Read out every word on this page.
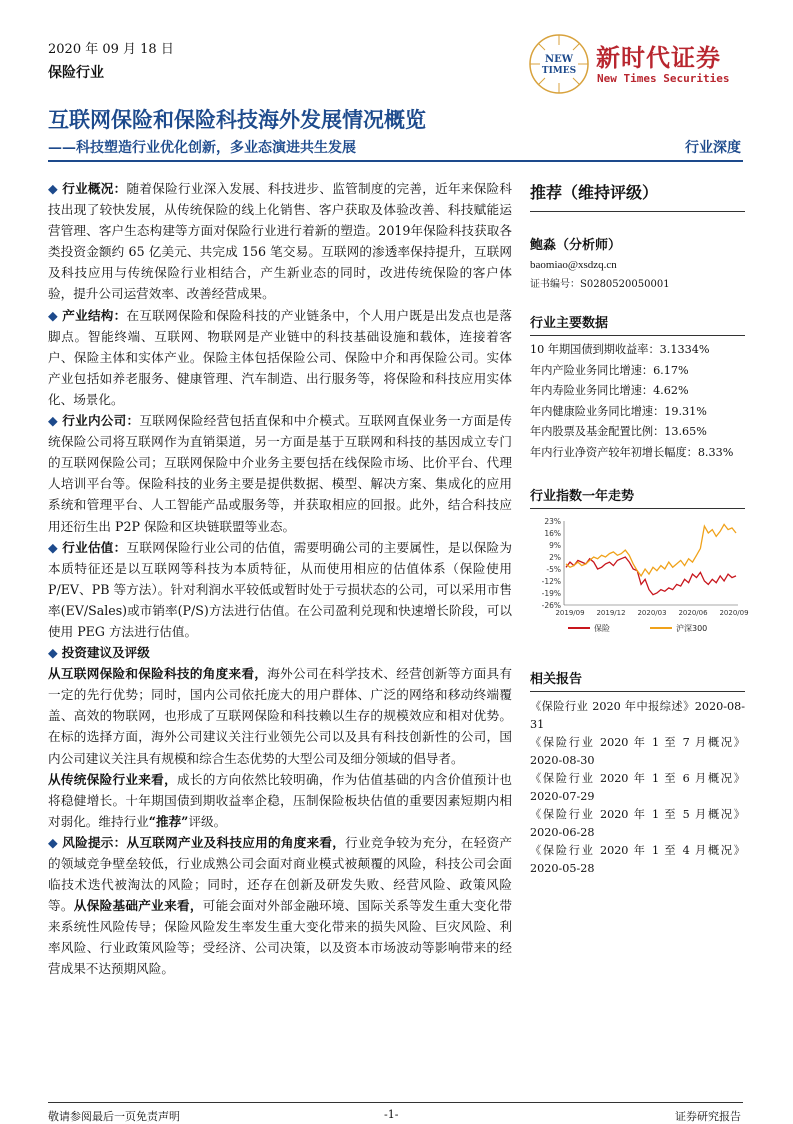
2020 年 09 月 18 日
保险行业
NEW
TIMES 新时代证券
New Times Securities
互联网保险和保险科技海外发展情况概览
——科技塑造行业优化创新，多业态演进共生发展	行业深度

◆ 行业概况：随着保险行业深入发展、科技进步、监管制度的完善，近年来保险科技出现了较快发展，从传统保险的线上化销售、客户获取及体验改善、科技赋能运营管理、客户生态构建等方面对保险行业进行着新的塑造。2019年保险科技获取各类投资金额约 65 亿美元、共完成 156 笔交易。互联网的渗透率保持提升，互联网及科技应用与传统保险行业相结合，产生新业态的同时，改进传统保险的客户体验，提升公司运营效率、改善经营成果。

◆ 产业结构：在互联网保险和保险科技的产业链条中，个人用户既是出发点也是落脚点。智能终端、互联网、物联网是产业链中的科技基础设施和载体，连接着客户、保险主体和实体产业。保险主体包括保险公司、保险中介和再保险公司。实体产业包括如养老服务、健康管理、汽车制造、出行服务等，将保险和科技应用实体化、场景化。

◆ 行业内公司：互联网保险经营包括直保和中介模式。互联网直保业务一方面是传统保险公司将互联网作为直销渠道，另一方面是基于互联网和科技的基因成立专门的互联网保险公司；互联网保险中介业务主要包括在线保险市场、比价平台、代理人培训平台等。保险科技的业务主要是提供数据、模型、解决方案、集成化的应用系统和管理平台、人工智能产品或服务等，并获取相应的回报。此外，结合科技应用还衍生出 P2P 保险和区块链联盟等业态。

◆ 行业估值：互联网保险行业公司的估值，需要明确公司的主要属性，是以保险为本质特征还是以互联网等科技为本质特征，从而使用相应的估值体系（保险使用 P/EV、PB 等方法）。针对利润水平较低或暂时处于亏损状态的公司，可以采用市售率(EV/Sales)或市销率(P/S)方法进行估值。在公司盈利兑现和快速增长阶段，可以使用 PEG 方法进行估值。

◆ 投资建议及评级

从互联网保险和保险科技的角度来看，海外公司在科学技术、经营创新等方面具有一定的先行优势；同时，国内公司依托庞大的用户群体、广泛的网络和移动终端覆盖、高效的物联网，也形成了互联网保险和科技赖以生存的规模效应和相对优势。在标的选择方面，海外公司建议关注行业领先公司以及具有科技创新性的公司，国内公司建议关注具有规模和综合生态优势的大型公司及细分领域的倡导者。

从传统保险行业来看，成长的方向依然比较明确，作为估值基础的内含价值预计也将稳健增长。十年期国债到期收益率企稳，压制保险板块估值的重要因素短期内相对弱化。维持行业“推荐”评级。

◆ 风险提示：从互联网产业及科技应用的角度来看，行业竞争较为充分，在轻资产的领域竞争壁垒较低，行业成熟公司会面对商业模式被颠覆的风险，科技公司会面临技术迭代被淘汰的风险；同时，还存在创新及研发失败、经营风险、政策风险等。从保险基础产业来看，可能会面对外部金融环境、国际关系等发生重大变化带来系统性风险传导；保险风险发生率发生重大变化带来的损失风险、巨灾风险、利率风险、行业政策风险等；受经济、公司决策，以及资本市场波动等影响带来的经营成果不达预期风险。

推荐（维持评级）
鲍淼（分析师）
baomiao@xsdzq.cn
证书编号：S0280520050001
行业主要数据
10 年期国债到期收益率：3.1334%
年内产险业务同比增速：6.17%
年内寿险业务同比增速：4.62%
年内健康险业务同比增速：19.31%
年内股票及基金配置比例：13.65%
年内行业净资产较年初增长幅度：8.33%
行业指数一年走势
23%
16%
9%
2%
-5%
-12%
-19%
-26%
2019/09 2019/12 2020/03 2020/06 2020/09
保险	沪深300
相关报告
《保险行业 2020 年中报综述》2020-08-31
《保险行业 2020 年 1 至 7 月概况》2020-08-30
《保险行业 2020 年 1 至 6 月概况》2020-07-29
《保险行业 2020 年 1 至 5 月概况》2020-06-28
《保险行业 2020 年 1 至 4 月概况》2020-05-28
敬请参阅最后一页免责声明	-1-	证券研究报告
